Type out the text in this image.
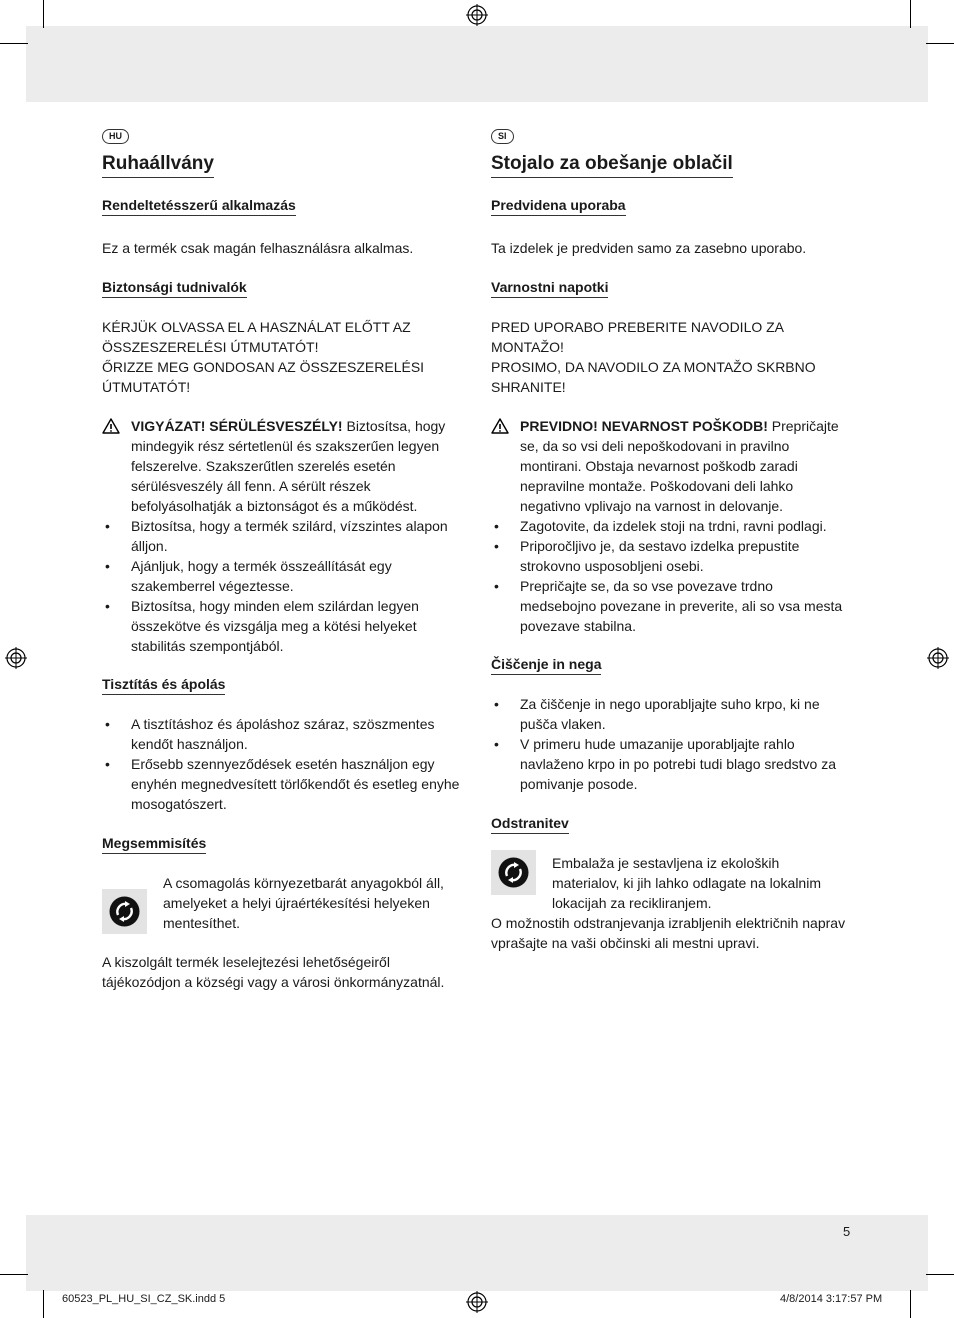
HU
Ruhaállvány
Rendeltetésszerű alkalmazás

Ez a termék csak magán felhasználásra alkalmas.

Biztonsági tudnivalók

KÉRJÜK OLVASSA EL A HASZNÁLAT ELŐTT AZ

ÖSSZESZERELÉSI ÚTMUTATÓT!

ŐRIZZE MEG GONDOSAN AZ ÖSSZESZERELÉSI

ÚTMUTATÓT!

VIGYÁZAT! SÉRÜLÉSVESZÉLY! Biztosítsa, hogy mindegyik rész sértetlenül és szakszerűen legyen felszerelve. Szakszerűtlen szerelés esetén sérülésveszély áll fenn. A sérült részek befolyásolhatják a biztonságot és a működést.

• Biztosítsa, hogy a termék szilárd, vízszintes alapon álljon.
• Ajánljuk, hogy a termék összeállítását egy szakemberrel végeztesse.
• Biztosítsa, hogy minden elem szilárdan legyen összekötve és vizsgálja meg a kötési helyeket stabilitás szempontjából.
Tisztítás és ápolás
• A tisztításhoz és ápoláshoz száraz, szöszmentes kendőt használjon.
• Erősebb szennyeződések esetén használjon egy enyhén megnedvesített törlőkendőt és esetleg enyhe mosogatószert.
Megsemmisítés

A csomagolás környezetbarát anyagokból áll, amelyeket a helyi újraértékesítési helyeken mentesíthet.

A kiszolgált termék leselejtezési lehetőségeiről tájékozódjon a községi vagy a városi önkormányzatnál.

SI
Stojalo za obešanje oblačil
Predvidena uporaba

Ta izdelek je predviden samo za zasebno uporabo.

Varnostni napotki

PRED UPORABO PREBERITE NAVODILO ZA

MONTAŽO!

PROSIMO, DA NAVODILO ZA MONTAŽO SKRBNO

SHRANITE!

PREVIDNO! NEVARNOST POŠKODB! Prepričajte se, da so vsi deli nepoškodovani in pravilno montirani. Obstaja nevarnost poškodb zaradi nepravilne montaže. Poškodovani deli lahko negativno vplivajo na varnost in delovanje.

• Zagotovite, da izdelek stoji na trdni, ravni podlagi.
• Priporočljivo je, da sestavo izdelka prepustite strokovno usposobljeni osebi.
• Prepričajte se, da so vse povezave trdno medsebojno povezane in preverite, ali so vsa mesta povezave stabilna.
Čiščenje in nega
• Za čiščenje in nego uporabljajte suho krpo, ki ne pušča vlaken.
• V primeru hude umazanije uporabljajte rahlo navlaženo krpo in po potrebi tudi blago sredstvo za pomivanje posode.
Odstranitev

Embalaža je sestavljena iz ekoloških materialov, ki jih lahko odlagate na lokalnim lokacijah za recikliranjem.

O možnostih odstranjevanja izrabljenih električnih naprav vprašajte na vaši občinski ali mestni upravi.

5
60523_PL_HU_SI_CZ_SK.indd 5	4/8/2014 3:17:57 PM
